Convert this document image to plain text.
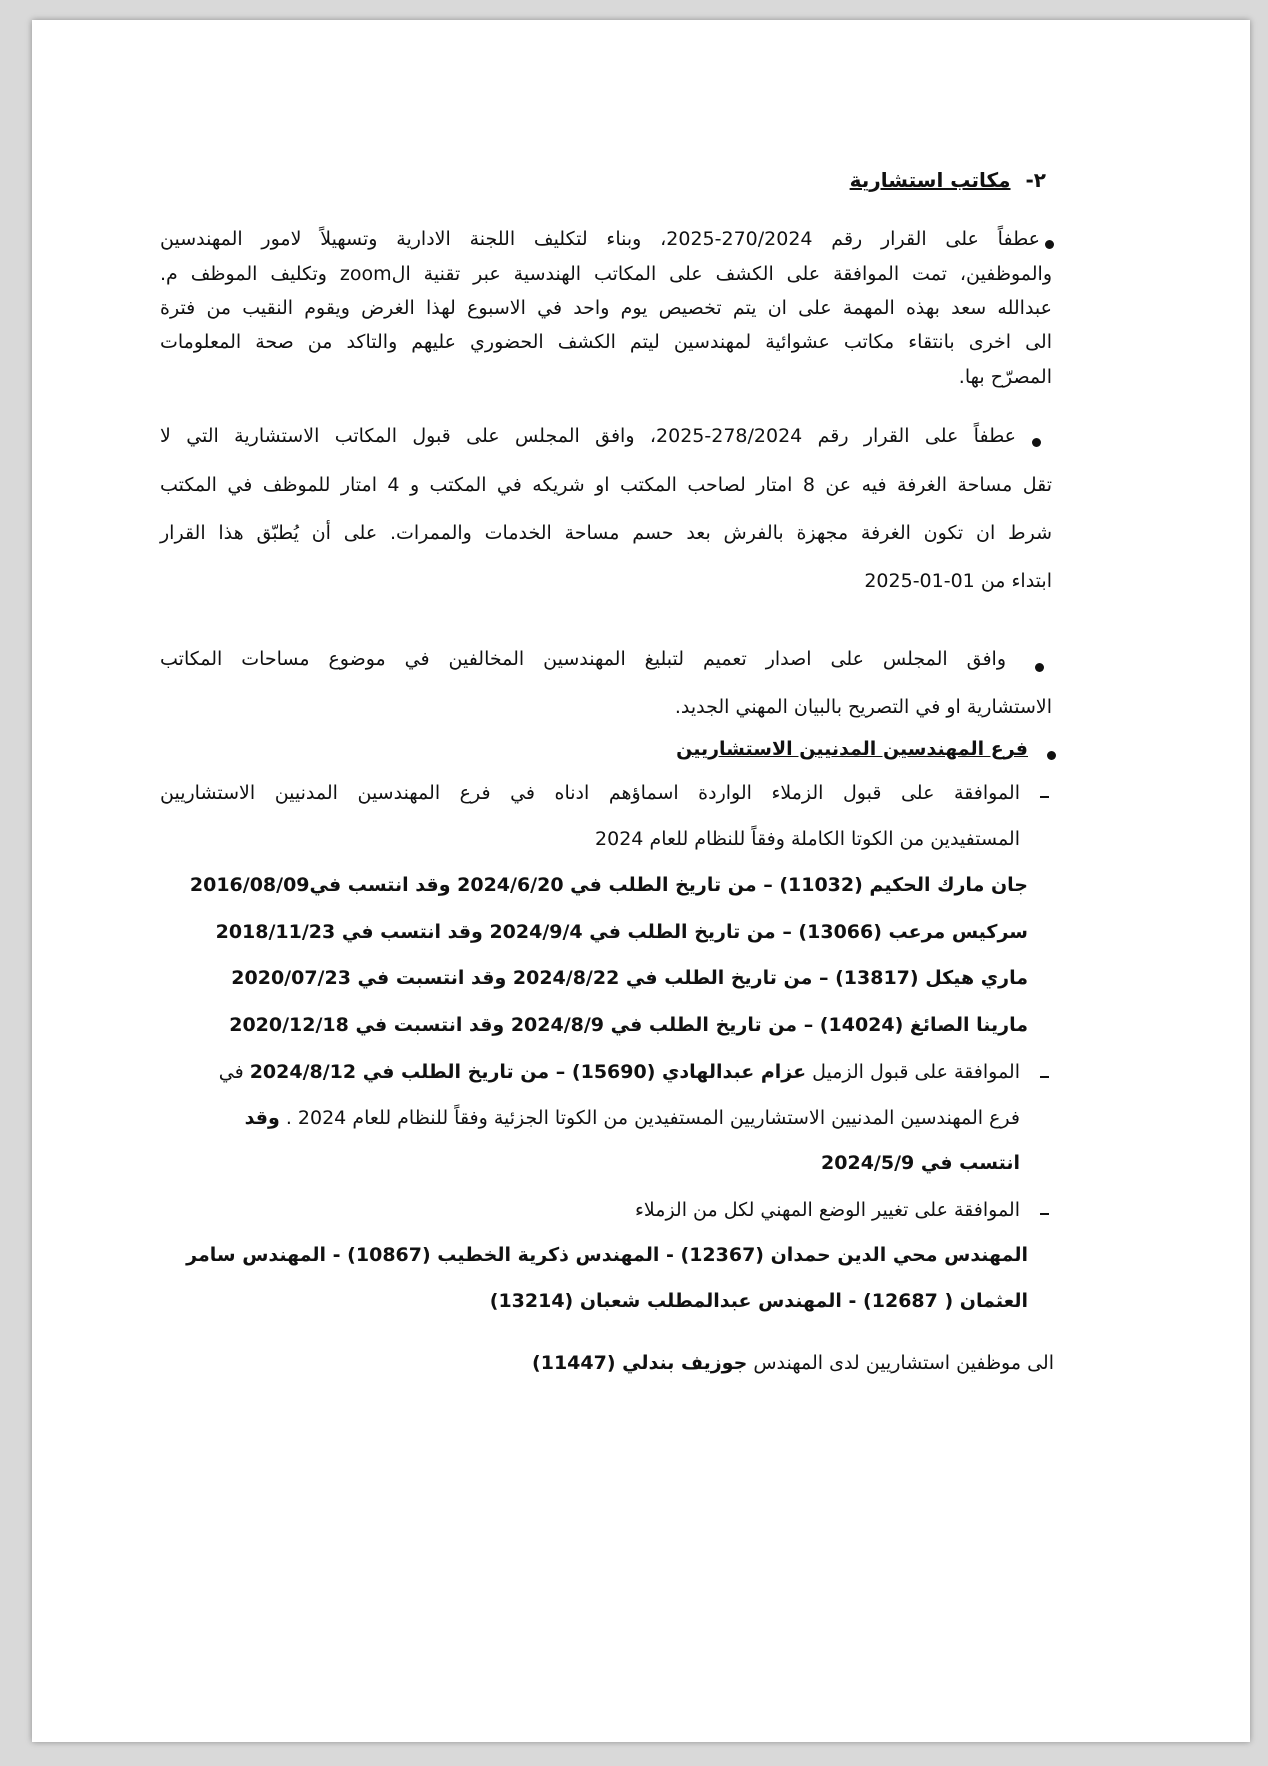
٢- مكاتب استشارية
عطفاً على القرار رقم 270/2024-2025، وبناء لتكليف اللجنة الادارية وتسهيلاً لامور المهندسين
والموظفين، تمت الموافقة على الكشف على المكاتب الهندسية عبر تقنية الzoom وتكليف الموظف م.
عبدالله سعد بهذه المهمة على ان يتم تخصيص يوم واحد في الاسبوع لهذا الغرض ويقوم النقيب من فترة
الى اخرى بانتقاء مكاتب عشوائية لمهندسين ليتم الكشف الحضوري عليهم والتاكد من صحة المعلومات
المصرّح بها.
عطفاً على القرار رقم 278/2024-2025، وافق المجلس على قبول المكاتب الاستشارية التي لا
تقل مساحة الغرفة فيه عن 8 امتار لصاحب المكتب او شريكه في المكتب و 4 امتار للموظف في المكتب
شرط ان تكون الغرفة مجهزة بالفرش بعد حسم مساحة الخدمات والممرات. على أن يُطبّق هذا القرار
ابتداء من 01-01-2025
وافق المجلس على اصدار تعميم لتبليغ المهندسين المخالفين في موضوع مساحات المكاتب
الاستشارية او في التصريح بالبيان المهني الجديد.
فرع المهندسين المدنيين الاستشاريين
الموافقة على قبول الزملاء الواردة اسماؤهم ادناه في فرع المهندسين المدنيين الاستشاريين
المستفيدين من الكوتا الكاملة وفقاً للنظام للعام 2024
جان مارك الحكيم (11032) – من تاريخ الطلب في 2024/6/20 وقد انتسب في2016/08/09
سركيس مرعب (13066) – من تاريخ الطلب في 2024/9/4 وقد انتسب في 2018/11/23
ماري هيكل (13817) – من تاريخ الطلب في 2024/8/22 وقد انتسبت في 2020/07/23
مارينا الصائغ (14024) – من تاريخ الطلب في 2024/8/9 وقد انتسبت في 2020/12/18
الموافقة على قبول الزميل عزام عبدالهادي (15690) – من تاريخ الطلب في 2024/8/12 في
فرع المهندسين المدنيين الاستشاريين المستفيدين من الكوتا الجزئية وفقاً للنظام للعام 2024 . وقد
انتسب في 2024/5/9
الموافقة على تغيير الوضع المهني لكل من الزملاء
المهندس محي الدين حمدان (12367) - المهندس ذكرية الخطيب (10867) - المهندس سامر
العثمان ( 12687) - المهندس عبدالمطلب شعبان (13214)
الى موظفين استشاريين لدى المهندس جوزيف بندلي (11447)
